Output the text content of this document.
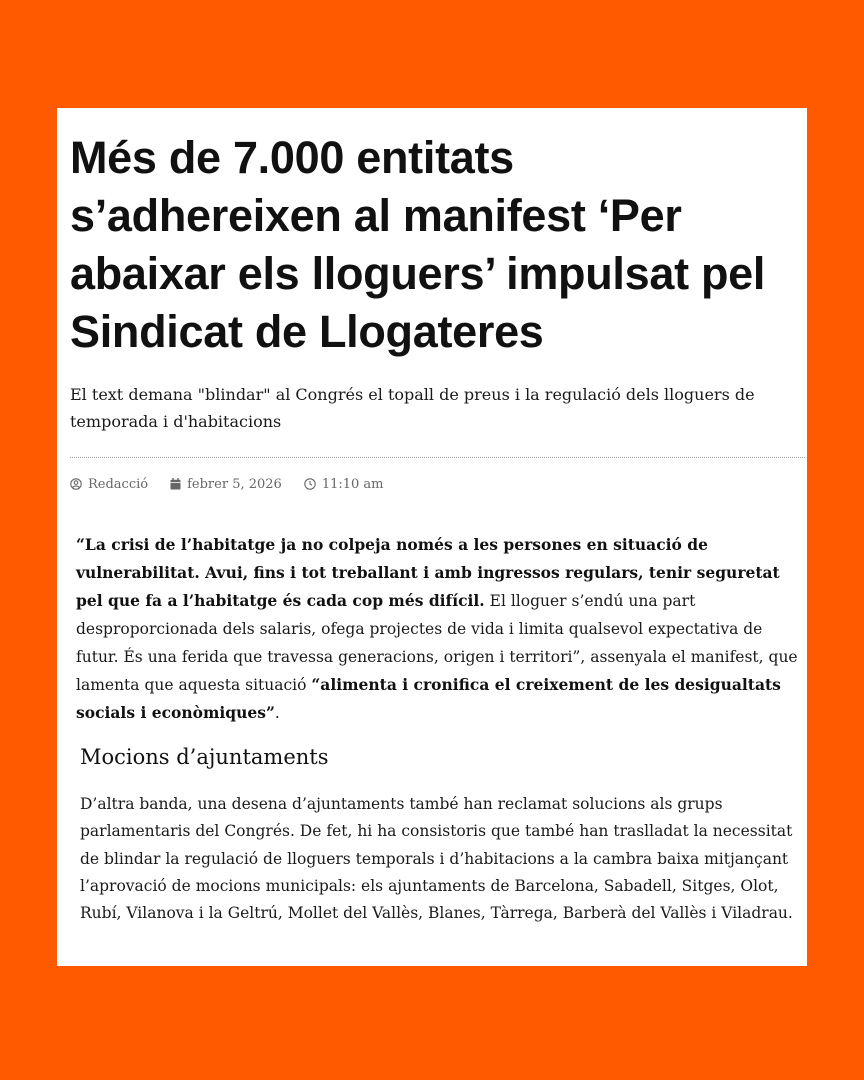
Més de 7.000 entitats s’adhereixen al manifest ‘Per abaixar els lloguers’ impulsat pel Sindicat de Llogateres

El text demana "blindar" al Congrés el topall de preus i la regulació dels lloguers de temporada i d'habitacions

Redacció	febrer 5, 2026	11:10 am

“La crisi de l’habitatge ja no colpeja només a les persones en situació de vulnerabilitat. Avui, fins i tot treballant i amb ingressos regulars, tenir seguretat pel que fa a l’habitatge és cada cop més difícil. El lloguer s’endú una part desproporcionada dels salaris, ofega projectes de vida i limita qualsevol expectativa de futur. És una ferida que travessa generacions, origen i territori”, assenyala el manifest, que lamenta que aquesta situació “alimenta i cronifica el creixement de les desigualtats socials i econòmiques”.

Mocions d’ajuntaments

D’altra banda, una desena d’ajuntaments també han reclamat solucions als grups parlamentaris del Congrés. De fet, hi ha consistoris que també han traslladat la necessitat de blindar la regulació de lloguers temporals i d’habitacions a la cambra baixa mitjançant l’aprovació de mocions municipals: els ajuntaments de Barcelona, Sabadell, Sitges, Olot, Rubí, Vilanova i la Geltrú, Mollet del Vallès, Blanes, Tàrrega, Barberà del Vallès i Viladrau.
